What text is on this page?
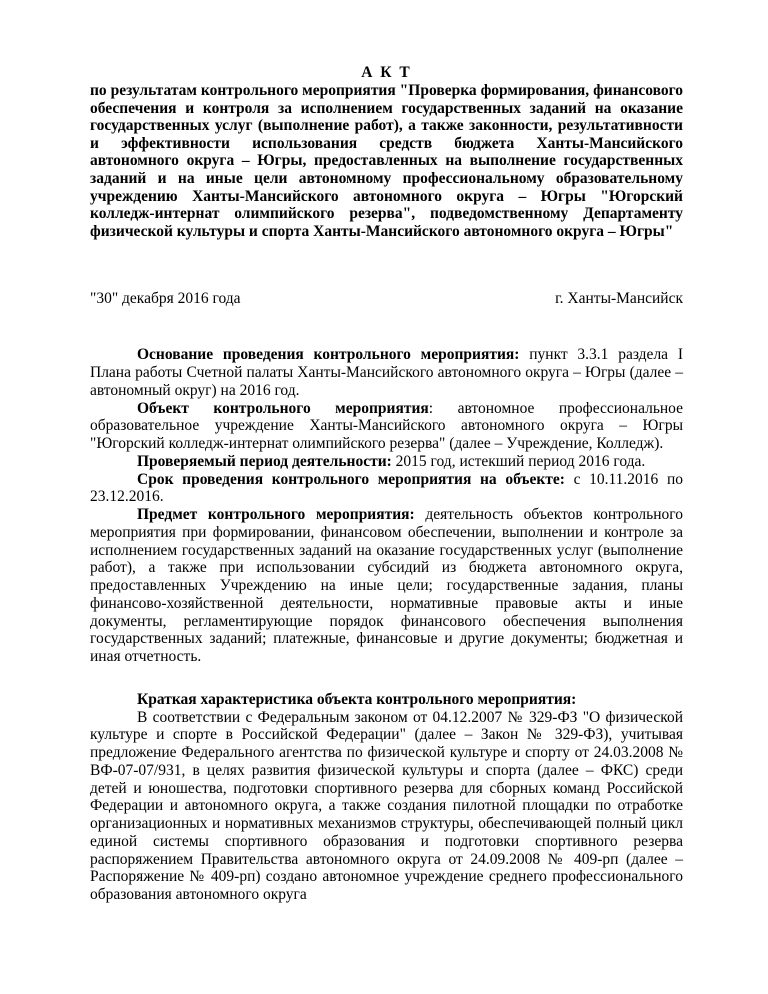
А К Т

по результатам контрольного мероприятия "Проверка формирования, финансового обеспечения и контроля за исполнением государственных заданий на оказание государственных услуг (выполнение работ), а также законности, результативности и эффективности использования средств бюджета Ханты-Мансийского автономного округа – Югры, предоставленных на выполнение государственных заданий и на иные цели автономному профессиональному образовательному учреждению Ханты-Мансийского автономного округа – Югры "Югорский колледж-интернат олимпийского резерва", подведомственному Департаменту физической культуры и спорта Ханты-Мансийского автономного округа – Югры"

"30" декабря 2016 года	г. Ханты-Мансийск

Основание проведения контрольного мероприятия: пункт 3.3.1 раздела I Плана работы Счетной палаты Ханты-Мансийского автономного округа – Югры (далее – автономный округ) на 2016 год.

Объект контрольного мероприятия: автономное профессиональное образовательное учреждение Ханты-Мансийского автономного округа – Югры "Югорский колледж-интернат олимпийского резерва" (далее – Учреждение, Колледж).

Проверяемый период деятельности: 2015 год, истекший период 2016 года.

Срок проведения контрольного мероприятия на объекте: с 10.11.2016 по 23.12.2016.

Предмет контрольного мероприятия: деятельность объектов контрольного мероприятия при формировании, финансовом обеспечении, выполнении и контроле за исполнением государственных заданий на оказание государственных услуг (выполнение работ), а также при использовании субсидий из бюджета автономного округа, предоставленных Учреждению на иные цели; государственные задания, планы финансово-хозяйственной деятельности, нормативные правовые акты и иные документы, регламентирующие порядок финансового обеспечения выполнения государственных заданий; платежные, финансовые и другие документы; бюджетная и иная отчетность.

Краткая характеристика объекта контрольного мероприятия:

В соответствии с Федеральным законом от 04.12.2007 № 329-ФЗ "О физической культуре и спорте в Российской Федерации" (далее – Закон № 329-ФЗ), учитывая предложение Федерального агентства по физической культуре и спорту от 24.03.2008 № ВФ-07-07/931, в целях развития физической культуры и спорта (далее – ФКС) среди детей и юношества, подготовки спортивного резерва для сборных команд Российской Федерации и автономного округа, а также создания пилотной площадки по отработке организационных и нормативных механизмов структуры, обеспечивающей полный цикл единой системы спортивного образования и подготовки спортивного резерва распоряжением Правительства автономного округа от 24.09.2008 № 409-рп (далее – Распоряжение № 409-рп) создано автономное учреждение среднего профессионального образования автономного округа
